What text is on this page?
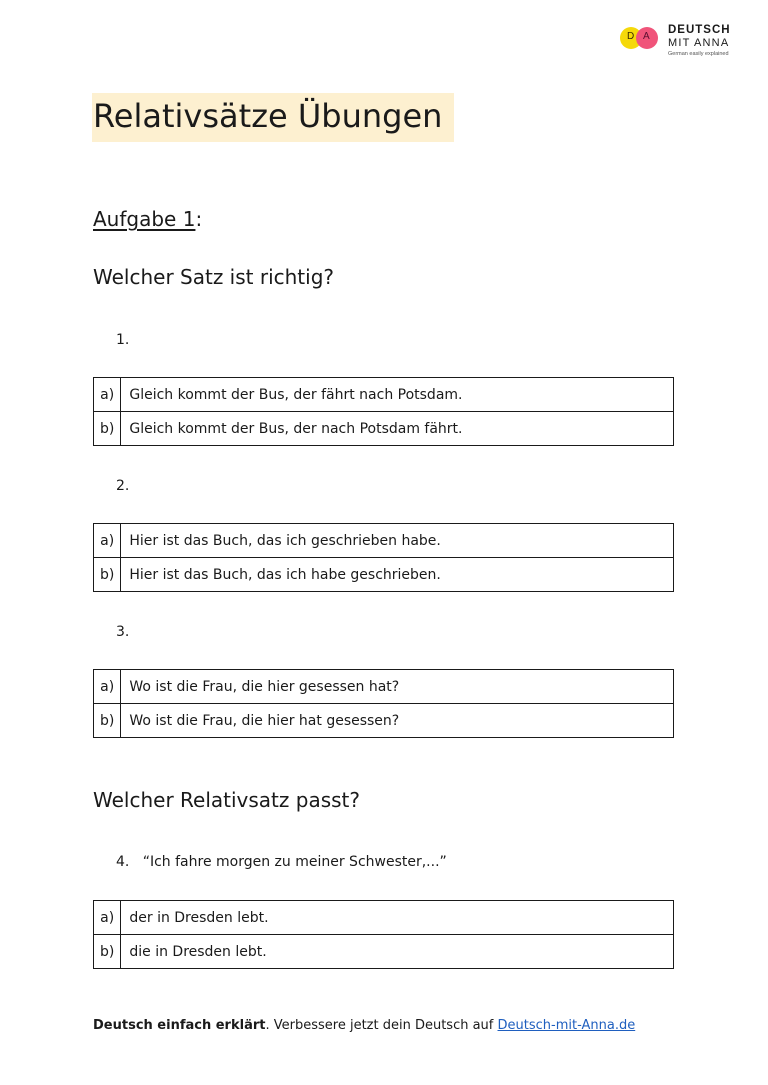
D A
DEUTSCH
MIT ANNA
German easily explained
Relativsätze Übungen
Aufgabe 1:
Welcher Satz ist richtig?
1.
a)	Gleich kommt der Bus, der fährt nach Potsdam.
b)	Gleich kommt der Bus, der nach Potsdam fährt.
2.
a)	Hier ist das Buch, das ich geschrieben habe.
b)	Hier ist das Buch, das ich habe geschrieben.
3.
a)	Wo ist die Frau, die hier gesessen hat?
b)	Wo ist die Frau, die hier hat gesessen?
Welcher Relativsatz passt?
4. “Ich fahre morgen zu meiner Schwester,...”
a)	der in Dresden lebt.
b)	die in Dresden lebt.
Deutsch einfach erklärt. Verbessere jetzt dein Deutsch auf Deutsch-mit-Anna.de
